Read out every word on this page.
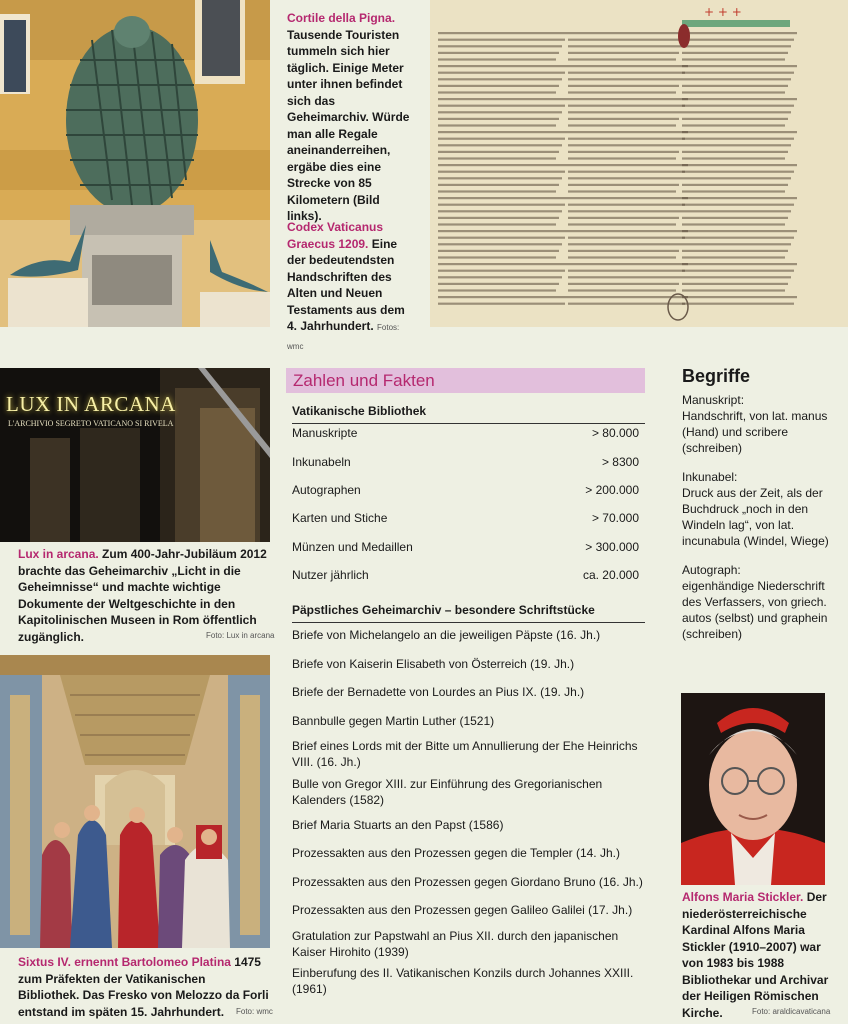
Cortile della Pigna. Tausende Touristen tummeln sich hier täglich. Einige Meter unter ihnen befindet sich das Geheimarchiv. Würde man alle Regale aneinanderreihen, ergäbe dies eine Strecke von 85 Kilometern (Bild links).
Codex Vaticanus Graecus 1209. Eine der bedeutendsten Handschriften des Alten und Neuen Testaments aus dem 4. Jahrhundert. Fotos: wmc
+ + +
LUX IN ARCANA
L'ARCHIVIO SEGRETO VATICANO SI RIVELA
Lux in arcana. Zum 400-Jahr-Jubiläum 2012 brachte das Geheimarchiv „Licht in die Geheimnisse“ und machte wichtige Dokumente der Weltgeschichte in den Kapitolinischen Museen in Rom öffentlich zugänglich.	Foto: Lux in arcana
Sixtus IV. ernennt Bartolomeo Platina 1475 zum Präfekten der Vatikanischen Bibliothek. Das Fresko von Melozzo da Forli entstand im späten 15. Jahrhundert.	Foto: wmc
Zahlen und Fakten
Vatikanische Bibliothek
Manuskripte	> 80.000
Inkunabeln	> 8300
Autographen	> 200.000
Karten und Stiche	> 70.000
Münzen und Medaillen	> 300.000
Nutzer jährlich	ca. 20.000
Päpstliches Geheimarchiv – besondere Schriftstücke
Briefe von Michelangelo an die jeweiligen Päpste (16. Jh.)
Briefe von Kaiserin Elisabeth von Österreich (19. Jh.)
Briefe der Bernadette von Lourdes an Pius IX. (19. Jh.)
Bannbulle gegen Martin Luther (1521)
Brief eines Lords mit der Bitte um Annullierung der Ehe Heinrichs VIII. (16. Jh.)
Bulle von Gregor XIII. zur Einführung des Gregorianischen Kalenders (1582)
Brief Maria Stuarts an den Papst (1586)
Prozessakten aus den Prozessen gegen die Templer (14. Jh.)
Prozessakten aus den Prozessen gegen Giordano Bruno (16. Jh.)
Prozessakten aus den Prozessen gegen Galileo Galilei (17. Jh.)
Gratulation zur Papstwahl an Pius XII. durch den japanischen Kaiser Hirohito (1939)
Einberufung des II. Vatikanischen Konzils durch Johannes XXIII. (1961)
Begriffe
Manuskript:
Handschrift, von lat. manus (Hand) und scribere (schreiben)
Inkunabel:
Druck aus der Zeit, als der Buchdruck „noch in den Windeln lag“, von lat. incunabula (Windel, Wiege)
Autograph:
eigenhändige Niederschrift des Verfassers, von griech. autos (selbst) und graphein (schreiben)
Alfons Maria Stickler. Der niederösterreichische Kardinal Alfons Maria Stickler (1910–2007) war von 1983 bis 1988 Bibliothekar und Archivar der Heiligen Römischen Kirche.	Foto: araldicavaticana
